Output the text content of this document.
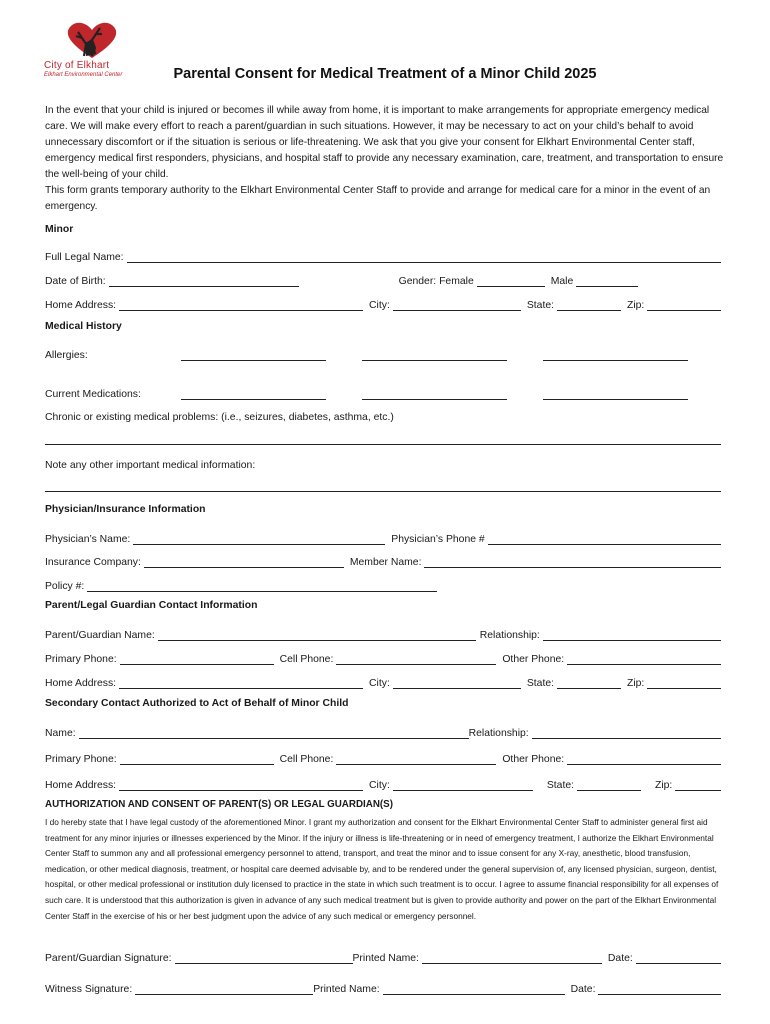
City of Elkhart
Elkhart Environmental Center	Parental Consent for Medical Treatment of a Minor Child 2025

In the event that your child is injured or becomes ill while away from home, it is important to make arrangements for appropriate emergency medical care. We will make every effort to reach a parent/guardian in such situations. However, it may be necessary to act on your child’s behalf to avoid unnecessary discomfort or if the situation is serious or life-threatening. We ask that you give your consent for Elkhart Environmental Center staff, emergency medical first responders, physicians, and hospital staff to provide any necessary examination, care, treatment, and transportation to ensure the well-being of your child.

This form grants temporary authority to the Elkhart Environmental Center Staff to provide and arrange for medical care for a minor in the event of an emergency.

Minor
Full Legal Name:
Date of Birth:	Gender: Female	Male
Home Address:	City:	State:	Zip:
Medical History
Allergies:
Current Medications:
Chronic or existing medical problems: (i.e., seizures, diabetes, asthma, etc.)
Note any other important medical information:
Physician/Insurance Information
Physician’s Name:	Physician’s Phone #
Insurance Company:	Member Name:
Policy #:
Parent/Legal Guardian Contact Information
Parent/Guardian Name:	Relationship:
Primary Phone:	Cell Phone:	Other Phone:
Home Address:	City:	State:	Zip:
Secondary Contact Authorized to Act of Behalf of Minor Child
Name:	Relationship:
Primary Phone:	Cell Phone:	Other Phone:
Home Address:	City:	State:	Zip:
AUTHORIZATION AND CONSENT OF PARENT(S) OR LEGAL GUARDIAN(S)
I do hereby state that I have legal custody of the aforementioned Minor. I grant my authorization and consent for the Elkhart Environmental Center Staff to administer general first aid treatment for any minor injuries or illnesses experienced by the Minor. If the injury or illness is life-threatening or in need of emergency treatment, I authorize the Elkhart Environmental Center Staff to summon any and all professional emergency personnel to attend, transport, and treat the minor and to issue consent for any X-ray, anesthetic, blood transfusion, medication, or other medical diagnosis, treatment, or hospital care deemed advisable by, and to be rendered under the general supervision of, any licensed physician, surgeon, dentist, hospital, or other medical professional or institution duly licensed to practice in the state in which such treatment is to occur. I agree to assume financial responsibility for all expenses of such care. It is understood that this authorization is given in advance of any such medical treatment but is given to provide authority and power on the part of the Elkhart Environmental Center Staff in the exercise of his or her best judgment upon the advice of any such medical or emergency personnel.
Parent/Guardian Signature:	Printed Name:	Date:
Witness Signature:	Printed Name:	Date:
